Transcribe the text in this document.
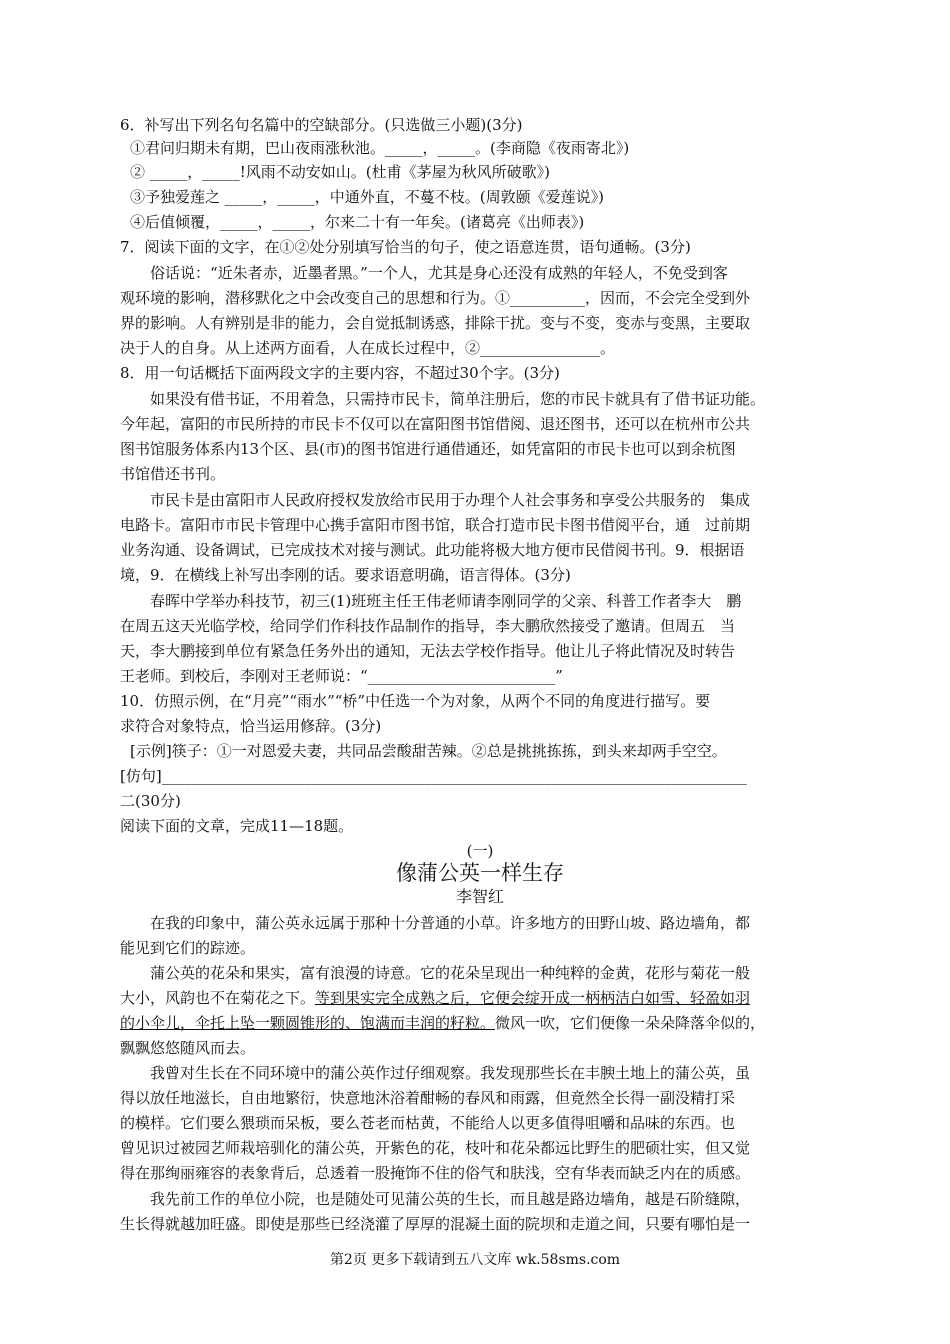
6．补写出下列名句名篇中的空缺部分。(只选做三小题)(3分)
①君问归期未有期，巴山夜雨涨秋池。_____，_____。(李商隐《夜雨寄北》)
② _____，_____!风雨不动安如山。(杜甫《茅屋为秋风所破歌》)
③予独爱莲之 _____，_____，中通外直，不蔓不枝。(周敦颐《爱莲说》)
④后值倾覆，_____，_____，尔来二十有一年矣。(诸葛亮《出师表》)
7．阅读下面的文字，在①②处分别填写恰当的句子，使之语意连贯，语句通畅。(3分)
俗话说：“近朱者赤，近墨者黑。”一个人，尤其是身心还没有成熟的年轻人，不免受到客
观环境的影响，潜移默化之中会改变自己的思想和行为。①__________，因而，不会完全受到外
界的影响。人有辨别是非的能力，会自觉抵制诱惑，排除干扰。变与不变，变赤与变黑，主要取
决于人的自身。从上述两方面看，人在成长过程中，②________________。
8．用一句话概括下面两段文字的主要内容，不超过30个字。(3分)
如果没有借书证，不用着急，只需持市民卡，简单注册后，您的市民卡就具有了借书证功能。
今年起，富阳的市民所持的市民卡不仅可以在富阳图书馆借阅、退还图书，还可以在杭州市公共
图书馆服务体系内13个区、县(市)的图书馆进行通借通还，如凭富阳的市民卡也可以到余杭图
书馆借还书刊。
市民卡是由富阳市人民政府授权发放给市民用于办理个人社会事务和享受公共服务的　集成
电路卡。富阳市市民卡管理中心携手富阳市图书馆，联合打造市民卡图书借阅平台，通　过前期
业务沟通、设备调试，已完成技术对接与测试。此功能将极大地方便市民借阅书刊。9．根据语
境，9．在横线上补写出李刚的话。要求语意明确，语言得体。(3分)
春晖中学举办科技节，初三(1)班班主任王伟老师请李刚同学的父亲、科普工作者李大　鹏
在周五这天光临学校，给同学们作科技作品制作的指导，李大鹏欣然接受了邀请。但周五　当
天，李大鹏接到单位有紧急任务外出的通知，无法去学校作指导。他让儿子将此情况及时转告
王老师。到校后，李刚对王老师说：“_________________________”
10．仿照示例，在“月亮”“雨水”“桥”中任选一个为对象，从两个不同的角度进行描写。要
求符合对象特点，恰当运用修辞。(3分)
[示例]筷子：①一对恩爱夫妻，共同品尝酸甜苦辣。②总是挑挑拣拣，到头来却两手空空。
[仿句]______________________________________________________________________________
二(30分)
阅读下面的文章，完成11—18题。
(一)
像蒲公英一样生存
李智红
在我的印象中，蒲公英永远属于那种十分普通的小草。许多地方的田野山坡、路边墙角，都
能见到它们的踪迹。
蒲公英的花朵和果实，富有浪漫的诗意。它的花朵呈现出一种纯粹的金黄，花形与菊花一般
大小，风韵也不在菊花之下。等到果实完全成熟之后，它便会绽开成一柄柄洁白如雪、轻盈如羽
的小伞儿，伞托上坠一颗圆锥形的、饱满而丰润的籽粒。微风一吹，它们便像一朵朵降落伞似的，
飘飘悠悠随风而去。
我曾对生长在不同环境中的蒲公英作过仔细观察。我发现那些长在丰腴土地上的蒲公英，虽
得以放任地滋长，自由地繁衍，快意地沐浴着酣畅的春风和雨露，但竟然全长得一副没精打采
的模样。它们要么猥琐而呆板，要么苍老而枯黄，不能给人以更多值得咀嚼和品味的东西。也
曾见识过被园艺师栽培驯化的蒲公英，开紫色的花，枝叶和花朵都远比野生的肥硕壮实，但又觉
得在那绚丽雍容的表象背后，总透着一股掩饰不住的俗气和肤浅，空有华表而缺乏内在的质感。
我先前工作的单位小院，也是随处可见蒲公英的生长，而且越是路边墙角，越是石阶缝隙，
生长得就越加旺盛。即使是那些已经浇灌了厚厚的混凝土面的院坝和走道之间，只要有哪怕是一
第2页 更多下载请到五八文库 wk.58sms.com
